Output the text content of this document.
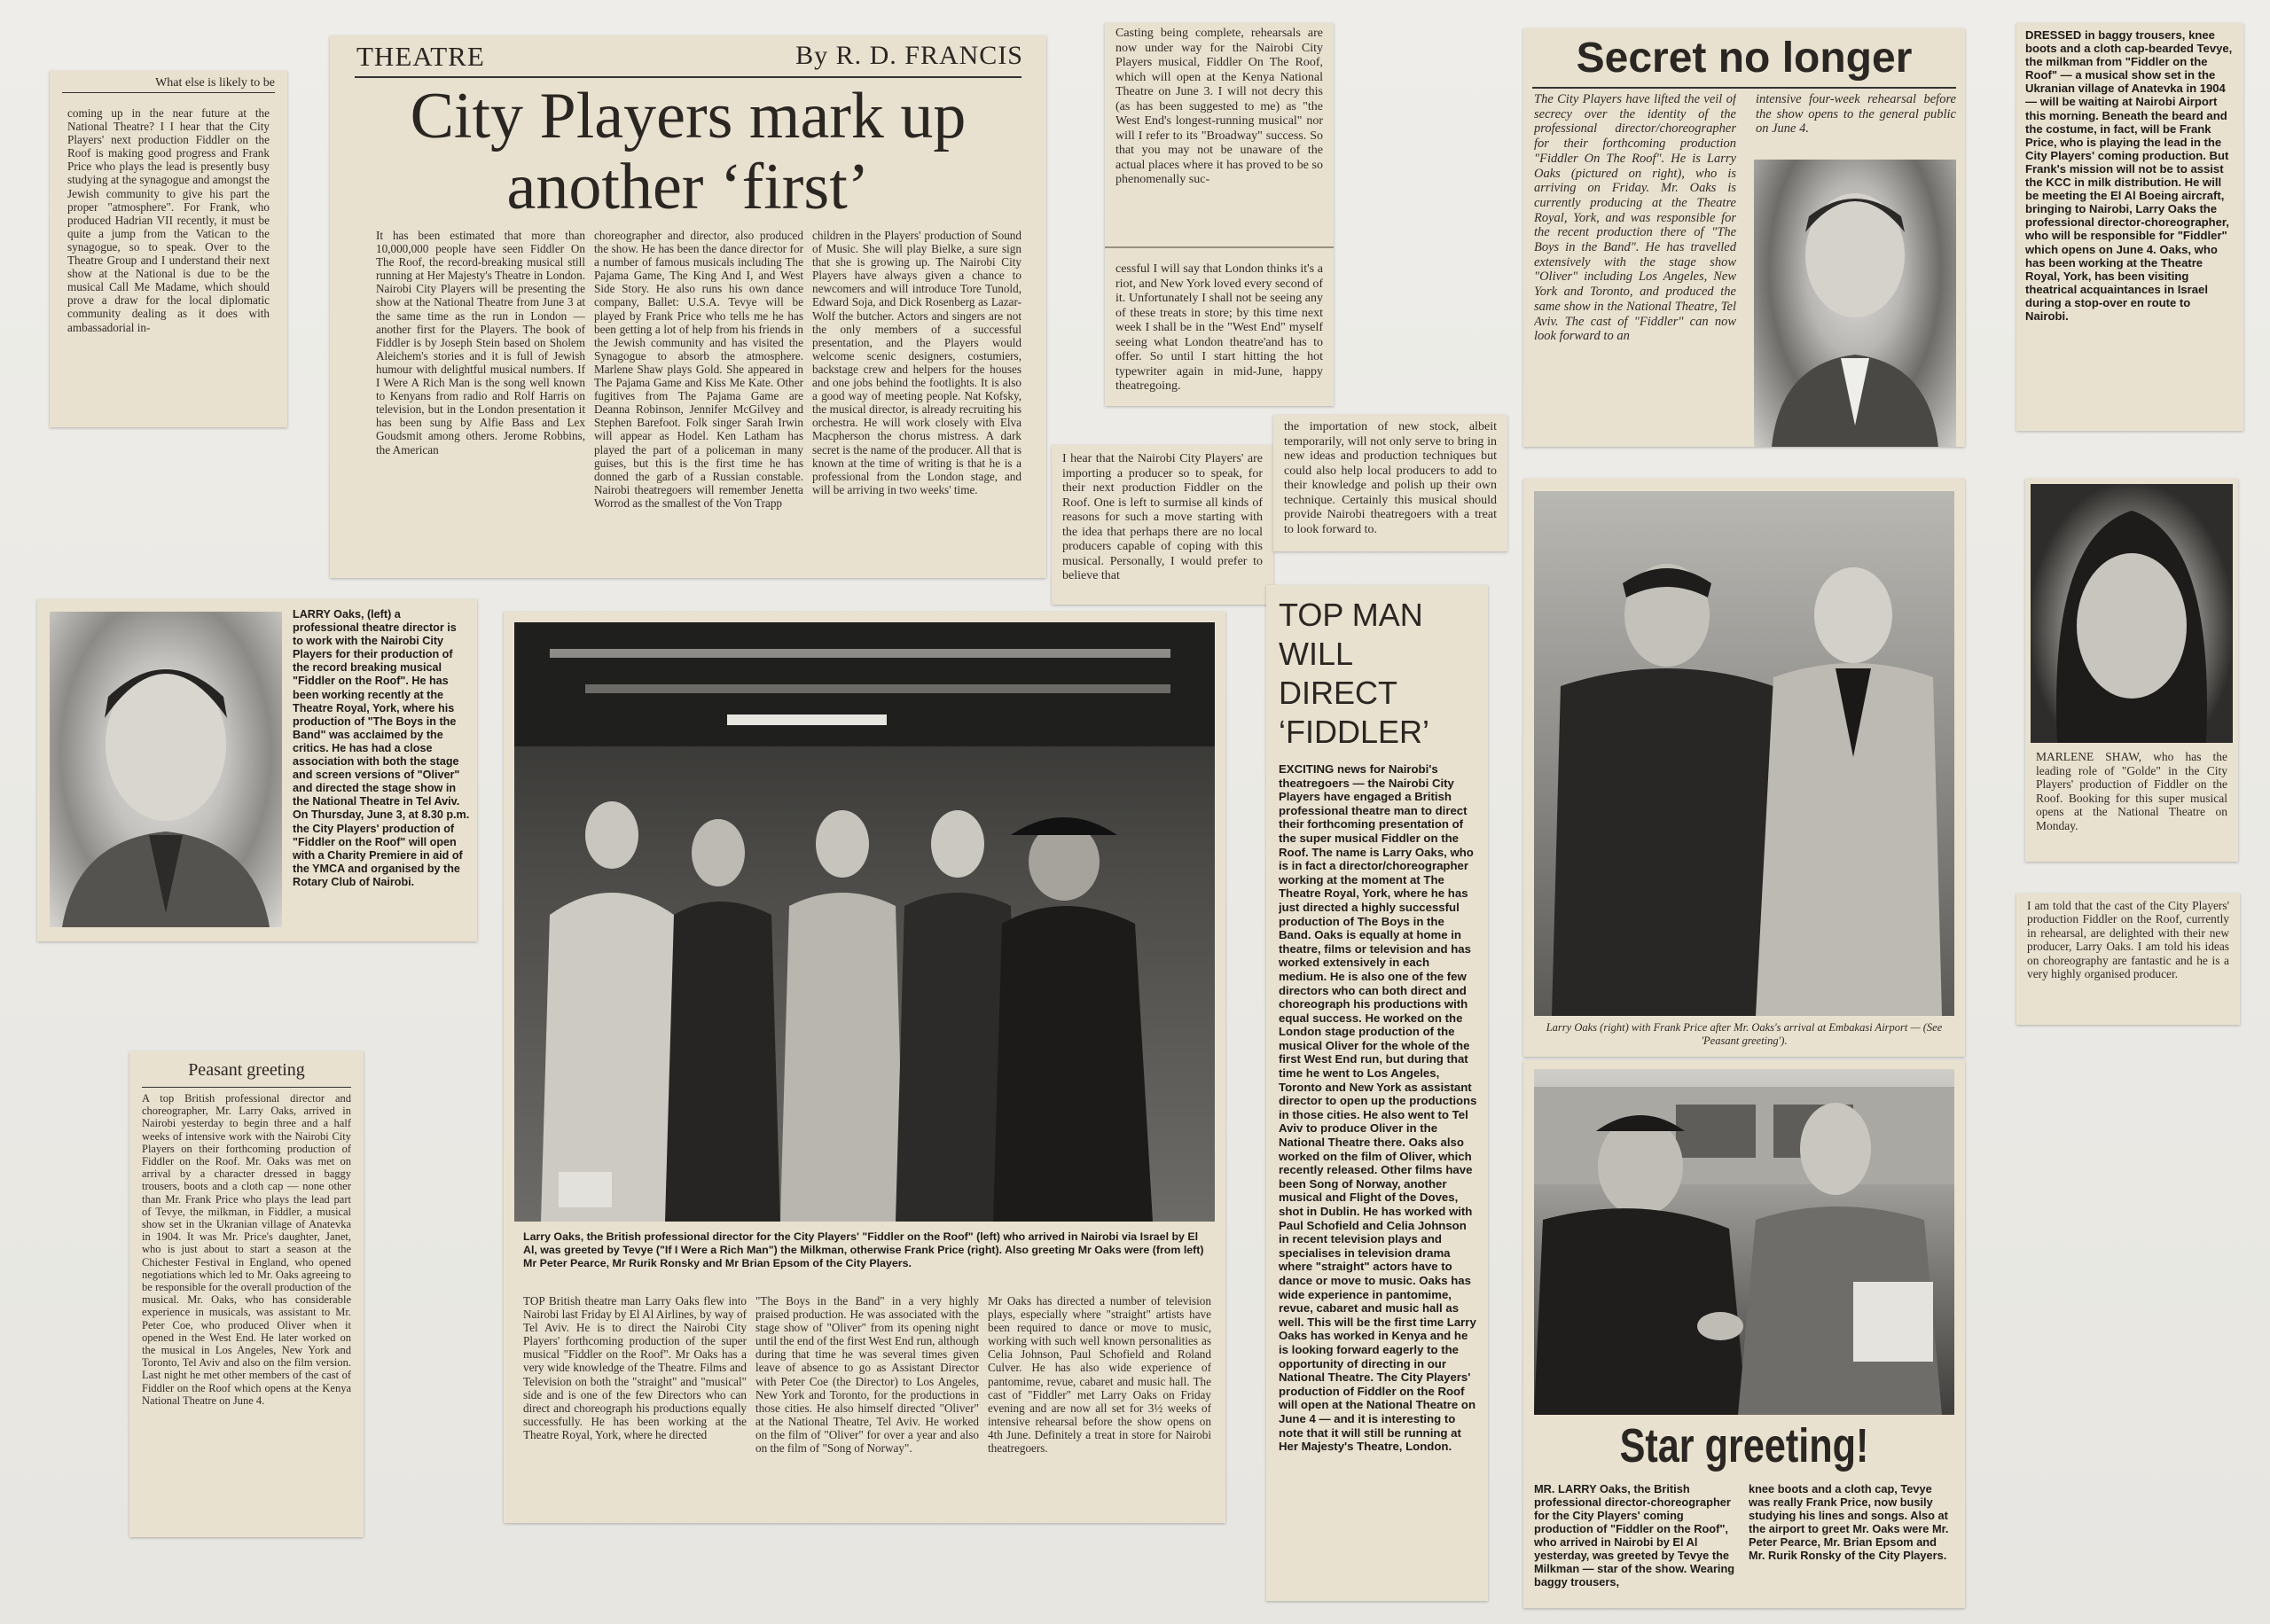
What else is likely to be

coming up in the near future at the National Theatre? I I hear that the City Players' next production Fiddler on the Roof is making good progress and Frank Price who plays the lead is presently busy studying at the synagogue and amongst the Jewish community to give his part the proper "atmosphere". For Frank, who produced Hadrian VII recently, it must be quite a jump from the Vatican to the synagogue, so to speak. Over to the Theatre Group and I understand their next show at the National is due to be the musical Call Me Madame, which should prove a draw for the local diplomatic community dealing as it does with ambassadorial in-

THEATRE	By R. D. FRANCIS
City Players mark up
another ‘first’

It has been estimated that more than 10,000,000 people have seen Fiddler On The Roof, the record-breaking musical still running at Her Majesty's Theatre in London. Nairobi City Players will be presenting the show at the National Theatre from June 3 at the same time as the run in London — another first for the Players. The book of Fiddler is by Joseph Stein based on Sholem Aleichem's stories and it is full of Jewish humour with delightful musical numbers. If I Were A Rich Man is the song well known to Kenyans from radio and Rolf Harris on television, but in the London presentation it has been sung by Alfie Bass and Lex Goudsmit among others. Jerome Robbins, the American

choreographer and director, also produced the show. He has been the dance director for a number of famous musicals including The Pajama Game, The King And I, and West Side Story. He also runs his own dance company, Ballet: U.S.A. Tevye will be played by Frank Price who tells me he has been getting a lot of help from his friends in the Jewish community and has visited the Synagogue to absorb the atmosphere. Marlene Shaw plays Gold. She appeared in The Pajama Game and Kiss Me Kate. Other fugitives from The Pajama Game are Deanna Robinson, Jennifer McGilvey and Stephen Barefoot. Folk singer Sarah Irwin will appear as Hodel. Ken Latham has played the part of a policeman in many guises, but this is the first time he has donned the garb of a Russian constable. Nairobi theatregoers will remember Jenetta Worrod as the smallest of the Von Trapp

children in the Players' production of Sound of Music. She will play Bielke, a sure sign that she is growing up. The Nairobi City Players have always given a chance to newcomers and will introduce Tore Tunold, Edward Soja, and Dick Rosenberg as Lazar-Wolf the butcher. Actors and singers are not the only members of a successful presentation, and the Players would welcome scenic designers, costumiers, backstage crew and helpers for the houses and one jobs behind the footlights. It is also a good way of meeting people. Nat Kofsky, the musical director, is already recruiting his orchestra. He will work closely with Elva Macpherson the chorus mistress. A dark secret is the name of the producer. All that is known at the time of writing is that he is a professional from the London stage, and will be arriving in two weeks' time.

Casting being complete, rehearsals are now under way for the Nairobi City Players musical, Fiddler On The Roof, which will open at the Kenya National Theatre on June 3. I will not decry this (as has been suggested to me) as "the West End's longest-running musical" nor will I refer to its "Broadway" success. So that you may not be unaware of the actual places where it has proved to be so phenomenally suc-

cessful I will say that London thinks it's a riot, and New York loved every second of it. Unfortunately I shall not be seeing any of these treats in store; by this time next week I shall be in the "West End" myself seeing what London theatre'and has to offer. So until I start hitting the hot typewriter again in mid-June, happy theatregoing.

I hear that the Nairobi City Players' are importing a producer so to speak, for their next production Fiddler on the Roof. One is left to surmise all kinds of reasons for such a move starting with the idea that perhaps there are no local producers capable of coping with this musical. Personally, I would prefer to believe that

the importation of new stock, albeit temporarily, will not only serve to bring in new ideas and production techniques but could also help local producers to add to their knowledge and polish up their own technique. Certainly this musical should provide Nairobi theatregoers with a treat to look forward to.

Secret no longer

The City Players have lifted the veil of secrecy over the identity of the professional director/choreographer for their forthcoming production "Fiddler On The Roof". He is Larry Oaks (pictured on right), who is arriving on Friday. Mr. Oaks is currently producing at the Theatre Royal, York, and was responsible for the recent production there of "The Boys in the Band". He has travelled extensively with the stage show "Oliver" including Los Angeles, New York and Toronto, and produced the same show in the National Theatre, Tel Aviv. The cast of "Fiddler" can now look forward to an

intensive four-week rehearsal before the show opens to the general public on June 4.

DRESSED in baggy trousers, knee boots and a cloth cap-bearded Tevye, the milkman from "Fiddler on the Roof" — a musical show set in the Ukranian village of Anatevka in 1904 — will be waiting at Nairobi Airport this morning. Beneath the beard and the costume, in fact, will be Frank Price, who is playing the lead in the City Players' coming production. But Frank's mission will not be to assist the KCC in milk distribution. He will be meeting the El Al Boeing aircraft, bringing to Nairobi, Larry Oaks the professional director-choreographer, who will be responsible for "Fiddler" which opens on June 4. Oaks, who has been working at the Theatre Royal, York, has been visiting theatrical acquaintances in Israel during a stop-over en route to Nairobi.

LARRY Oaks, (left) a professional theatre director is to work with the Nairobi City Players for their production of the record breaking musical "Fiddler on the Roof". He has been working recently at the Theatre Royal, York, where his production of "The Boys in the Band" was acclaimed by the critics. He has had a close association with both the stage and screen versions of "Oliver" and directed the stage show in the National Theatre in Tel Aviv. On Thursday, June 3, at 8.30 p.m. the City Players' production of "Fiddler on the Roof" will open with a Charity Premiere in aid of the YMCA and organised by the Rotary Club of Nairobi.

Larry Oaks, the British professional director for the City Players' "Fiddler on the Roof" (left) who arrived in Nairobi via Israel by El Al, was greeted by Tevye ("If I Were a Rich Man") the Milkman, otherwise Frank Price (right). Also greeting Mr Oaks were (from left) Mr Peter Pearce, Mr Rurik Ronsky and Mr Brian Epsom of the City Players.

TOP British theatre man Larry Oaks flew into Nairobi last Friday by El Al Airlines, by way of Tel Aviv. He is to direct the Nairobi City Players' forthcoming production of the super musical "Fiddler on the Roof". Mr Oaks has a very wide knowledge of the Theatre. Films and Television on both the "straight" and "musical" side and is one of the few Directors who can direct and choreograph his productions equally successfully. He has been working at the Theatre Royal, York, where he directed

"The Boys in the Band" in a very highly praised production. He was associated with the stage show of "Oliver" from its opening night until the end of the first West End run, although during that time he was several times given leave of absence to go as Assistant Director with Peter Coe (the Director) to Los Angeles, New York and Toronto, for the productions in those cities. He also himself directed "Oliver" at the National Theatre, Tel Aviv. He worked on the film of "Oliver" for over a year and also on the film of "Song of Norway".

Mr Oaks has directed a number of television plays, especially where "straight" artists have been required to dance or move to music, working with such well known personalities as Celia Johnson, Paul Schofield and Roland Culver. He has also wide experience of pantomime, revue, cabaret and music hall. The cast of "Fiddler" met Larry Oaks on Friday evening and are now all set for 3½ weeks of intensive rehearsal before the show opens on 4th June. Definitely a treat in store for Nairobi theatregoers.

Peasant greeting

A top British professional director and choreographer, Mr. Larry Oaks, arrived in Nairobi yesterday to begin three and a half weeks of intensive work with the Nairobi City Players on their forthcoming production of Fiddler on the Roof. Mr. Oaks was met on arrival by a character dressed in baggy trousers, boots and a cloth cap — none other than Mr. Frank Price who plays the lead part of Tevye, the milkman, in Fiddler, a musical show set in the Ukranian village of Anatevka in 1904. It was Mr. Price's daughter, Janet, who is just about to start a season at the Chichester Festival in England, who opened negotiations which led to Mr. Oaks agreeing to be responsible for the overall production of the musical. Mr. Oaks, who has considerable experience in musicals, was assistant to Mr. Peter Coe, who produced Oliver when it opened in the West End. He later worked on the musical in Los Angeles, New York and Toronto, Tel Aviv and also on the film version. Last night he met other members of the cast of Fiddler on the Roof which opens at the Kenya National Theatre on June 4.

TOP MAN
WILL
DIRECT
‘FIDDLER’

EXCITING news for Nairobi's theatregoers — the Nairobi City Players have engaged a British professional theatre man to direct their forthcoming presentation of the super musical Fiddler on the Roof. The name is Larry Oaks, who is in fact a director/choreographer working at the moment at The Theatre Royal, York, where he has just directed a highly successful production of The Boys in the Band. Oaks is equally at home in theatre, films or television and has worked extensively in each medium. He is also one of the few directors who can both direct and choreograph his productions with equal success. He worked on the London stage production of the musical Oliver for the whole of the first West End run, but during that time he went to Los Angeles, Toronto and New York as assistant director to open up the productions in those cities. He also went to Tel Aviv to produce Oliver in the National Theatre there. Oaks also worked on the film of Oliver, which recently released. Other films have been Song of Norway, another musical and Flight of the Doves, shot in Dublin. He has worked with Paul Schofield and Celia Johnson in recent television plays and specialises in television drama where "straight" actors have to dance or move to music. Oaks has wide experience in pantomime, revue, cabaret and music hall as well. This will be the first time Larry Oaks has worked in Kenya and he is looking forward eagerly to the opportunity of directing in our National Theatre. The City Players' production of Fiddler on the Roof will open at the National Theatre on June 4 — and it is interesting to note that it will still be running at Her Majesty's Theatre, London.

Larry Oaks (right) with Frank Price after Mr. Oaks's arrival at Embakasi Airport — (See 'Peasant greeting').

MARLENE SHAW, who has the leading role of "Golde" in the City Players' production of Fiddler on the Roof. Booking for this super musical opens at the National Theatre on Monday.

I am told that the cast of the City Players' production Fiddler on the Roof, currently in rehearsal, are delighted with their new producer, Larry Oaks. I am told his ideas on choreography are fantastic and he is a very highly organised producer.

Star greeting!

MR. LARRY Oaks, the British professional director-choreographer for the City Players' coming production of "Fiddler on the Roof", who arrived in Nairobi by El Al yesterday, was greeted by Tevye the Milkman — star of the show. Wearing baggy trousers,

knee boots and a cloth cap, Tevye was really Frank Price, now busily studying his lines and songs. Also at the airport to greet Mr. Oaks were Mr. Peter Pearce, Mr. Brian Epsom and Mr. Rurik Ronsky of the City Players.
